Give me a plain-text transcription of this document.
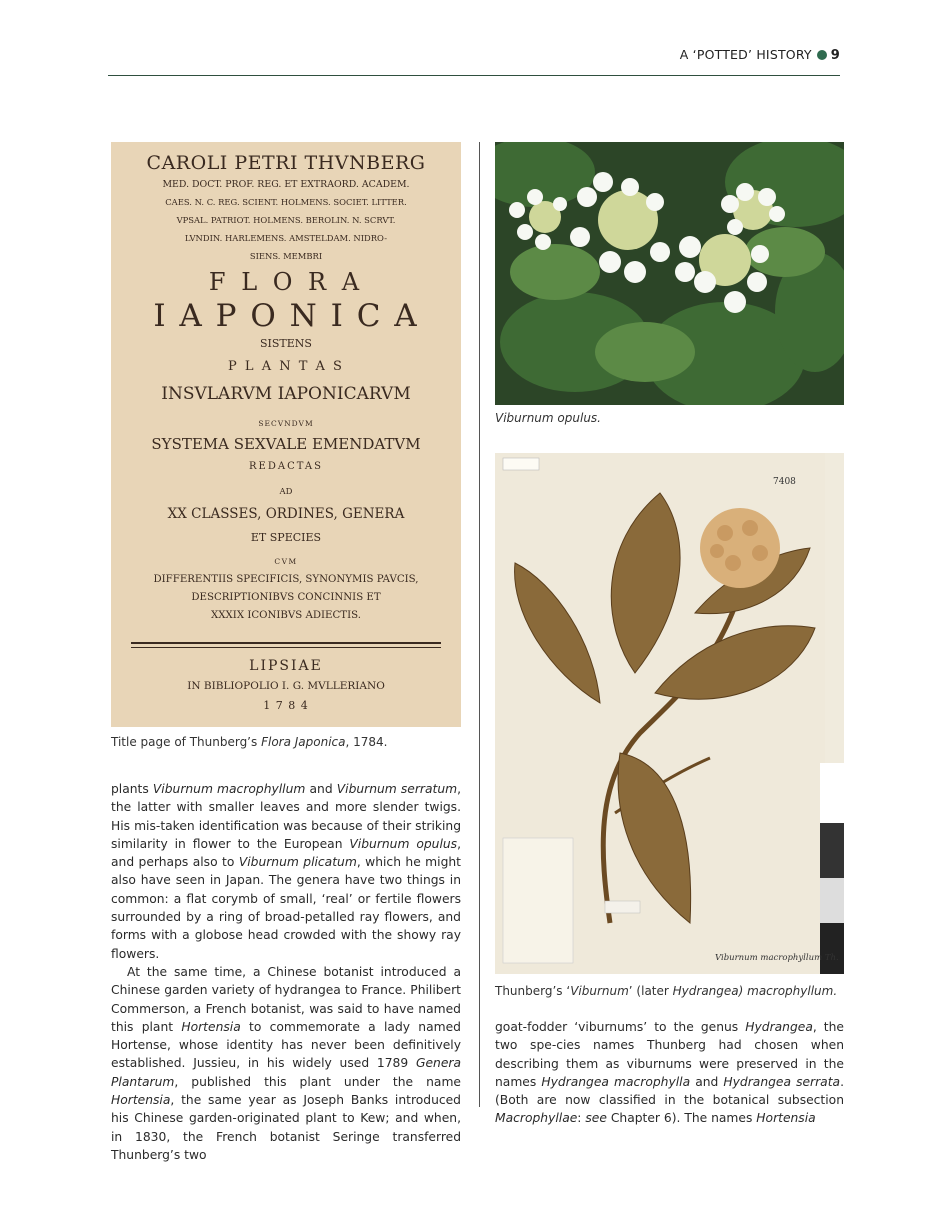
A ‘POTTED’ HISTORY 9
CAROLI PETRI THVNBERG
MED. DOCT. PROF. REG. ET EXTRAORD. ACADEM.
CAES. N. C. REG. SCIENT. HOLMENS. SOCIET. LITTER.
VPSAL. PATRIOT. HOLMENS. BEROLIN. N. SCRVT.
LVNDIN. HARLEMENS. AMSTELDAM. NIDRO-
SIENS. MEMBRI
F L O R A
I A P O N I C A
SISTENS
P L A N T A S
INSVLARVM IAPONICARVM
SECVNDVM
SYSTEMA SEXVALE EMENDATVM
REDACTAS
AD
XX CLASSES, ORDINES, GENERA
ET SPECIES
CVM
DIFFERENTIIS SPECIFICIS, SYNONYMIS PAVCIS,
DESCRIPTIONIBVS CONCINNIS ET
XXXIX ICONIBVS ADIECTIS.
LIPSIAE
IN BIBLIOPOLIO I. G. MVLLERIANO
1 7 8 4
Title page of Thunberg’s Flora Japonica, 1784.
Viburnum opulus.
7408
Viburnum macrophyllum Th.
Thunberg’s ‘Viburnum’ (later Hydrangea) macrophyllum.

plants Viburnum macrophyllum and Viburnum serratum, the latter with smaller leaves and more slender twigs. His mis-taken identification was because of their striking similarity in flower to the European Viburnum opulus, and perhaps also to Viburnum plicatum, which he might also have seen in Japan. The genera have two things in common: a flat corymb of small, ‘real’ or fertile flowers surrounded by a ring of broad-petalled ray flowers, and forms with a globose head crowded with the showy ray flowers.

At the same time, a Chinese botanist introduced a Chinese garden variety of hydrangea to France. Philibert Commerson, a French botanist, was said to have named this plant Hortensia to commemorate a lady named Hortense, whose identity has never been definitively established. Jussieu, in his widely used 1789 Genera Plantarum, published this plant under the name Hortensia, the same year as Joseph Banks introduced his Chinese garden-originated plant to Kew; and when, in 1830, the French botanist Seringe transferred Thunberg’s two

goat-fodder ‘viburnums’ to the genus Hydrangea, the two spe-cies names Thunberg had chosen when describing them as viburnums were preserved in the names Hydrangea macrophylla and Hydrangea serrata. (Both are now classified in the botanical subsection Macrophyllae: see Chapter 6). The names Hortensia
